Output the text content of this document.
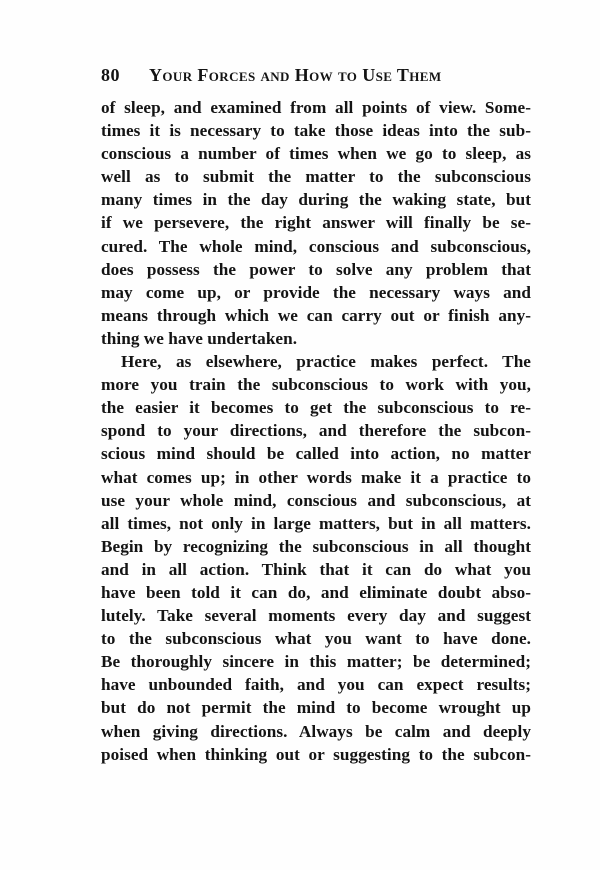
80 Your Forces and How to Use Them
of sleep, and examined from all points of view. Some-
times it is necessary to take those ideas into the sub-
conscious a number of times when we go to sleep, as
well as to submit the matter to the subconscious
many times in the day during the waking state, but
if we persevere, the right answer will finally be se-
cured. The whole mind, conscious and subconscious,
does possess the power to solve any problem that
may come up, or provide the necessary ways and
means through which we can carry out or finish any-
thing we have undertaken.
Here, as elsewhere, practice makes perfect. The
more you train the subconscious to work with you,
the easier it becomes to get the subconscious to re-
spond to your directions, and therefore the subcon-
scious mind should be called into action, no matter
what comes up; in other words make it a practice to
use your whole mind, conscious and subconscious, at
all times, not only in large matters, but in all matters.
Begin by recognizing the subconscious in all thought
and in all action. Think that it can do what you
have been told it can do, and eliminate doubt abso-
lutely. Take several moments every day and suggest
to the subconscious what you want to have done.
Be thoroughly sincere in this matter; be determined;
have unbounded faith, and you can expect results;
but do not permit the mind to become wrought up
when giving directions. Always be calm and deeply
poised when thinking out or suggesting to the subcon-
